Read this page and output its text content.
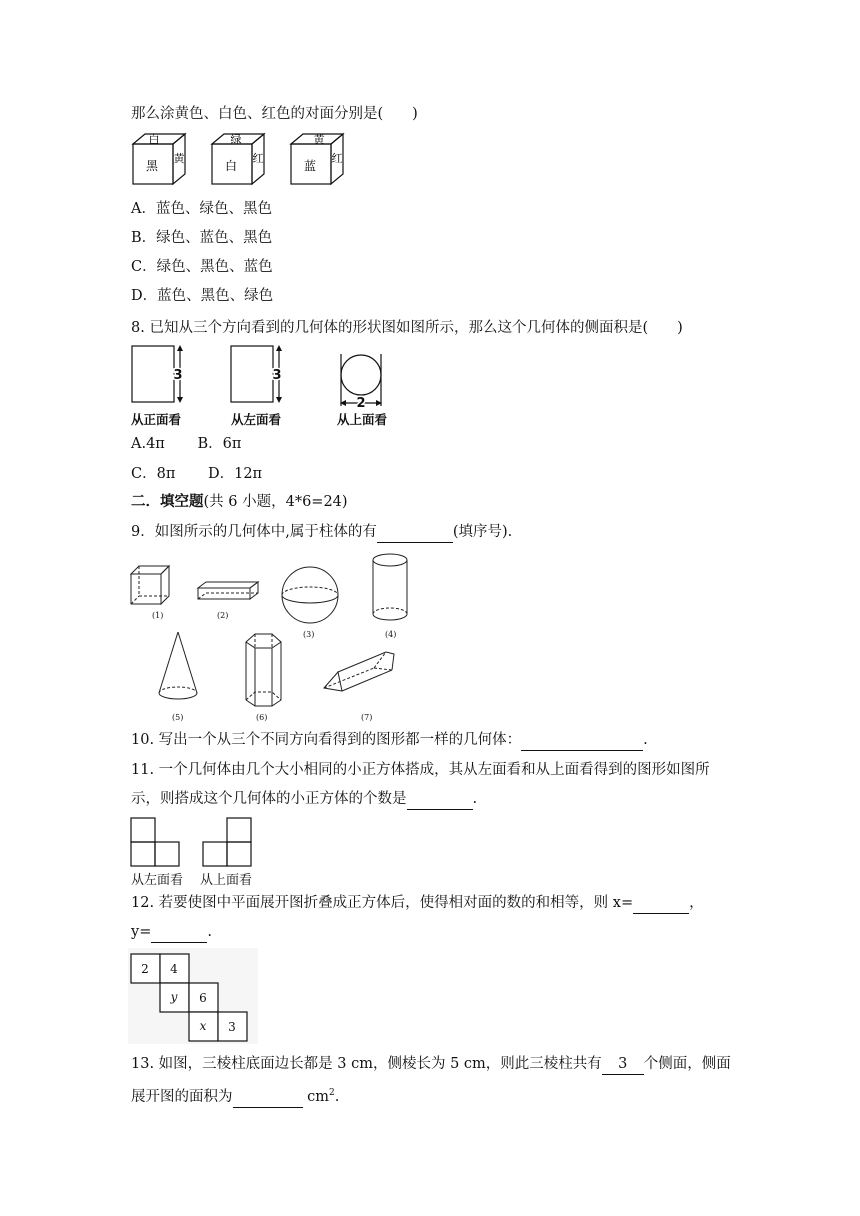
那么涂黄色、白色、红色的对面分别是(　　)
白
黑
黄
绿
白
红
黄
蓝
红
A．蓝色、绿色、黑色
B．绿色、蓝色、黑色
C．绿色、黑色、蓝色
D．蓝色、黑色、绿色
8. 已知从三个方向看到的几何体的形状图如图所示，那么这个几何体的侧面积是(　　)
3	3
2
从正面看	从左面看	从上面看
A.4π B．6π
C．8π D．12π
二．填空题(共 6 小题，4*6=24)
9．如图所示的几何体中,属于柱体的有	(填序号).
(1)	(2)
(3)	(4)
(5)	(6)	(7)
10. 写出一个从三个不同方向看得到的图形都一样的几何体：	.
11. 一个几何体由几个大小相同的小正方体搭成，其从左面看和从上面看得到的图形如图所
示，则搭成这个几何体的小正方体的个数是	.
从左面看 从上面看
12. 若要使图中平面展开图折叠成正方体后，使得相对面的数的和相等，则 x=	，
y=	.
2 4
y 6
x 3
13. 如图，三棱柱底面边长都是 3 cm，侧棱长为 5 cm，则此三棱柱共有 3 个侧面，侧面
展开图的面积为	$cm^2$.
